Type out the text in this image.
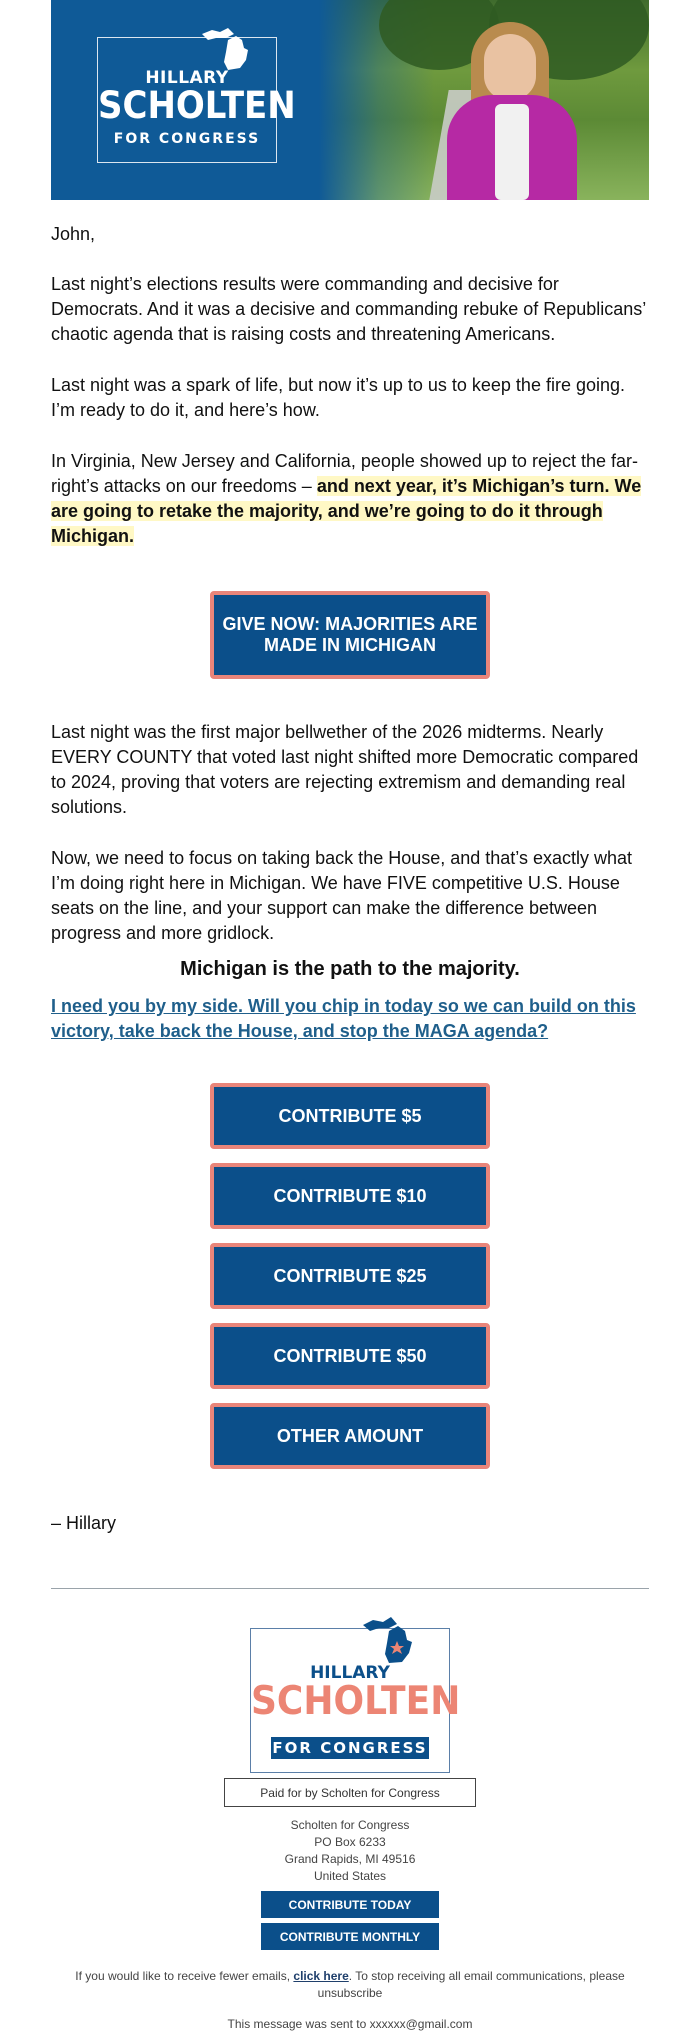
HILLARY
SCHOLTEN
FOR CONGRESS
John,
Last night’s elections results were commanding and decisive for Democrats. And it was a decisive and commanding rebuke of Republicans’ chaotic agenda that is raising costs and threatening Americans.
Last night was a spark of life, but now it’s up to us to keep the fire going. I’m ready to do it, and here’s how.
In Virginia, New Jersey and California, people showed up to reject the far-right’s attacks on our freedoms – and next year, it’s Michigan’s turn. We are going to retake the majority, and we’re going to do it through Michigan.
GIVE NOW: MAJORITIES ARE MADE IN MICHIGAN
Last night was the first major bellwether of the 2026 midterms. Nearly EVERY COUNTY that voted last night shifted more Democratic compared to 2024, proving that voters are rejecting extremism and demanding real solutions.
Now, we need to focus on taking back the House, and that’s exactly what I’m doing right here in Michigan. We have FIVE competitive U.S. House seats on the line, and your support can make the difference between progress and more gridlock.
Michigan is the path to the majority.
I need you by my side. Will you chip in today so we can build on this victory, take back the House, and stop the MAGA agenda?
CONTRIBUTE $5
CONTRIBUTE $10
CONTRIBUTE $25
CONTRIBUTE $50
OTHER AMOUNT
– Hillary
HILLARY
SCHOLTEN
FOR CONGRESS
Paid for by Scholten for Congress
Scholten for Congress
PO Box 6233
Grand Rapids, MI 49516
United States
CONTRIBUTE TODAY
CONTRIBUTE MONTHLY
If you would like to receive fewer emails, click here. To stop receiving all email communications, please unsubscribe
This message was sent to xxxxxx@gmail.com
